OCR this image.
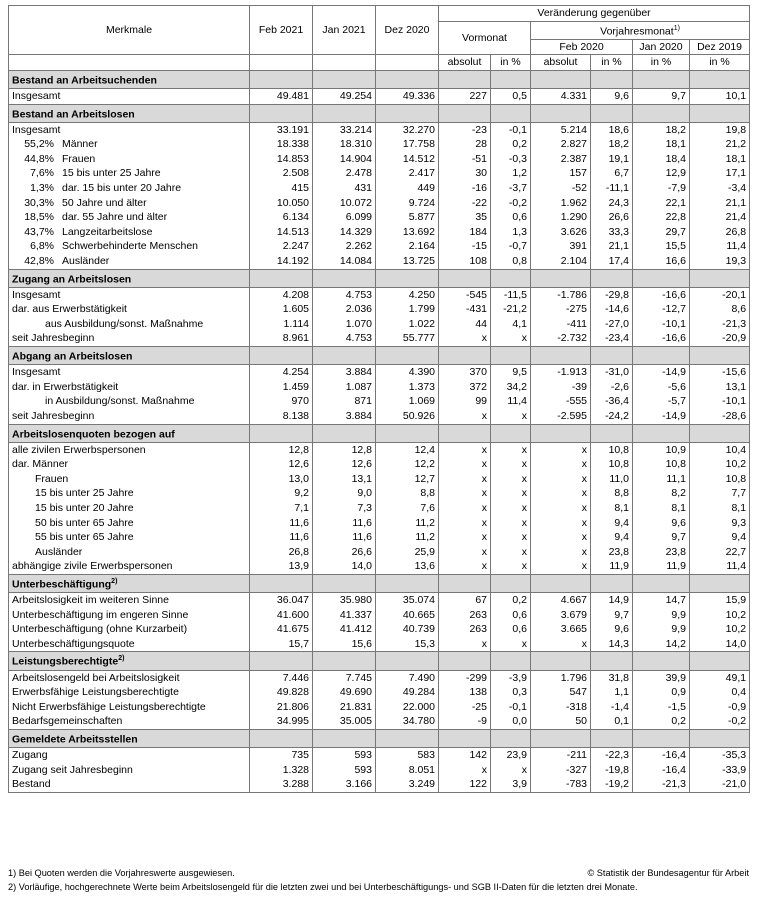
Merkmale	Feb 2021	Jan 2021	Dez 2020	Veränderung gegenüber					
				Vormonat		Vorjahresmonat$^{1)}$
						Feb 2020		Jan 2020	Dez 2019
				absolut	in %	absolut	in %	in %	in %
Bestand an Arbeitsuchenden									
Insgesamt	49.481	49.254	49.336	227	0,5	4.331	9,6	9,7	10,1
Bestand an Arbeitslosen									
Insgesamt	33.191	33.214	32.270	-23	-0,1	5.214	18,6	18,2	19,8
55,2% Männer	18.338	18.310	17.758	28	0,2	2.827	18,2	18,1	21,2
44,8% Frauen	14.853	14.904	14.512	-51	-0,3	2.387	19,1	18,4	18,1
7,6% 15 bis unter 25 Jahre	2.508	2.478	2.417	30	1,2	157	6,7	12,9	17,1
1,3% dar. 15 bis unter 20 Jahre	415	431	449	-16	-3,7	-52	-11,1	-7,9	-3,4
30,3% 50 Jahre und älter	10.050	10.072	9.724	-22	-0,2	1.962	24,3	22,1	21,1
18,5% dar. 55 Jahre und älter	6.134	6.099	5.877	35	0,6	1.290	26,6	22,8	21,4
43,7% Langzeitarbeitslose	14.513	14.329	13.692	184	1,3	3.626	33,3	29,7	26,8
6,8% Schwerbehinderte Menschen	2.247	2.262	2.164	-15	-0,7	391	21,1	15,5	11,4
42,8% Ausländer	14.192	14.084	13.725	108	0,8	2.104	17,4	16,6	19,3
Zugang an Arbeitslosen									
Insgesamt	4.208	4.753	4.250	-545	-11,5	-1.786	-29,8	-16,6	-20,1
dar. aus Erwerbstätigkeit	1.605	2.036	1.799	-431	-21,2	-275	-14,6	-12,7	8,6
aus Ausbildung/sonst. Maßnahme	1.114	1.070	1.022	44	4,1	-411	-27,0	-10,1	-21,3
seit Jahresbeginn	8.961	4.753	55.777	x	x	-2.732	-23,4	-16,6	-20,9
Abgang an Arbeitslosen									
Insgesamt	4.254	3.884	4.390	370	9,5	-1.913	-31,0	-14,9	-15,6
dar. in Erwerbstätigkeit	1.459	1.087	1.373	372	34,2	-39	-2,6	-5,6	13,1
in Ausbildung/sonst. Maßnahme	970	871	1.069	99	11,4	-555	-36,4	-5,7	-10,1
seit Jahresbeginn	8.138	3.884	50.926	x	x	-2.595	-24,2	-14,9	-28,6
Arbeitslosenquoten bezogen auf									
alle zivilen Erwerbspersonen	12,8	12,8	12,4	x	x	x	10,8	10,9	10,4
dar. Männer	12,6	12,6	12,2	x	x	x	10,8	10,8	10,2
Frauen	13,0	13,1	12,7	x	x	x	11,0	11,1	10,8
15 bis unter 25 Jahre	9,2	9,0	8,8	x	x	x	8,8	8,2	7,7
15 bis unter 20 Jahre	7,1	7,3	7,6	x	x	x	8,1	8,1	8,1
50 bis unter 65 Jahre	11,6	11,6	11,2	x	x	x	9,4	9,6	9,3
55 bis unter 65 Jahre	11,6	11,6	11,2	x	x	x	9,4	9,7	9,4
Ausländer	26,8	26,6	25,9	x	x	x	23,8	23,8	22,7
abhängige zivile Erwerbspersonen	13,9	14,0	13,6	x	x	x	11,9	11,9	11,4
Unterbeschäftigung$^{2)}$									
Arbeitslosigkeit im weiteren Sinne	36.047	35.980	35.074	67	0,2	4.667	14,9	14,7	15,9
Unterbeschäftigung im engeren Sinne	41.600	41.337	40.665	263	0,6	3.679	9,7	9,9	10,2
Unterbeschäftigung (ohne Kurzarbeit)	41.675	41.412	40.739	263	0,6	3.665	9,6	9,9	10,2
Unterbeschäftigungsquote	15,7	15,6	15,3	x	x	x	14,3	14,2	14,0
Leistungsberechtigte$^{2)}$									
Arbeitslosengeld bei Arbeitslosigkeit	7.446	7.745	7.490	-299	-3,9	1.796	31,8	39,9	49,1
Erwerbsfähige Leistungsberechtigte	49.828	49.690	49.284	138	0,3	547	1,1	0,9	0,4
Nicht Erwerbsfähige Leistungsberechtigte	21.806	21.831	22.000	-25	-0,1	-318	-1,4	-1,5	-0,9
Bedarfsgemeinschaften	34.995	35.005	34.780	-9	0,0	50	0,1	0,2	-0,2
Gemeldete Arbeitsstellen									
Zugang	735	593	583	142	23,9	-211	-22,3	-16,4	-35,3
Zugang seit Jahresbeginn	1.328	593	8.051	x	x	-327	-19,8	-16,4	-33,9
Bestand	3.288	3.166	3.249	122	3,9	-783	-19,2	-21,3	-21,0
1) Bei Quoten werden die Vorjahreswerte ausgewiesen.	© Statistik der Bundesagentur für Arbeit
2) Vorläufige, hochgerechnete Werte beim Arbeitslosengeld für die letzten zwei und bei Unterbeschäftigungs- und SGB II-Daten für die letzten drei Monate.
